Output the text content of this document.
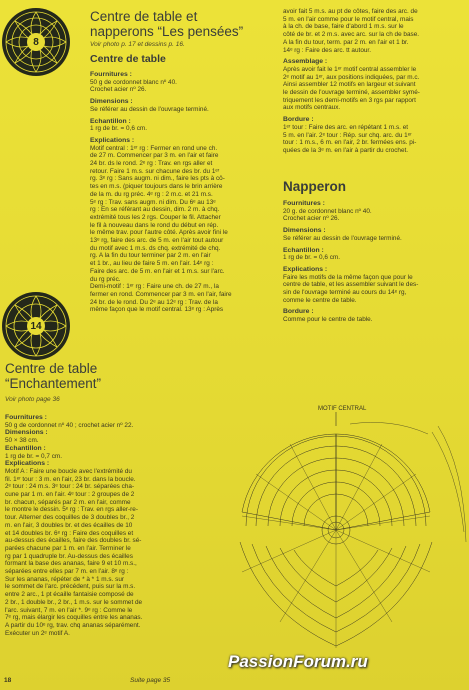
8
Centre de table et
napperons “Les pensées”
Voir photo p. 17 et dessins p. 16.
Centre de table

Fournitures :

50 g de cordonnet blanc nº 40.

Crochet acier nº 26.

Dimensions :

Se référer au dessin de l'ouvrage terminé.

Echantillon :

1 rg de br. = 0,6 cm.

Explications :

Motif central : 1ᵉʳ rg : Fermer en rond une ch.

de 27 m. Commencer par 3 m. en l'air et faire

24 br. ds le rond. 2ᵉ rg : Trav. en rgs aller et

retour. Faire 1 m.s. sur chacune des br. du 1ᵉʳ

rg. 3ᵉ rg : Sans augm. ni dim., faire les pts à cô-

tes en m.s. (piquer toujours dans le brin arrière

de la m. du rg préc. 4ᵉ rg : 2 m.c. et 21 m.s.

5ᵉ rg : Trav. sans augm. ni dim. Du 6ᵉ au 13ᵉ

rg : En se référant au dessin, dim. 2 m. à chq.

extrémité tous les 2 rgs. Couper le fil. Attacher

le fil à nouveau dans le rond du début en rép.

le même trav. pour l'autre côté. Après avoir fini le

13ᵉ rg, faire des arc. de 5 m. en l'air tout autour

du motif avec 1 m.s. ds chq. extrémité de chq.

rg. A la fin du tour terminer par 2 m. en l'air

et 1 br., au lieu de faire 5 m. en l'air. 14ᵉ rg :

Faire des arc. de 5 m. en l'air et 1 m.s. sur l'arc.

du rg préc.

Demi-motif : 1ᵉʳ rg : Faire une ch. de 27 m., la

fermer en rond. Commencer par 3 m. en l'air, faire

24 br. de le rond. Du 2ᵉ au 12ᵉ rg : Trav. de la

même façon que le motif central. 13ᵉ rg : Après

14

avoir fait 5 m.s. au pt de côtes, faire des arc. de

5 m. en l'air comme pour le motif central, mais

à la ch. de base, faire d'abord 1 m.s. sur le

côté de br. et 2 m.s. avec arc. sur la ch de base.

A la fin du tour, term. par 2 m. en l'air et 1 br.

14ᵉ rg : Faire des arc. tt autour.

Assemblage :

Après avoir fait le 1ᵉʳ motif central assembler le

2ᵉ motif au 1ᵉʳ, aux positions indiquées, par m.c.

Ainsi assembler 12 motifs en largeur et suivant

le dessin de l'ouvrage terminé, assembler symé-

triquement les demi-motifs en 3 rgs par rapport

aux motifs centraux.

Bordure :

1ᵉʳ tour : Faire des arc. en répétant 1 m.s. et

5 m. en l'air. 2ᵉ tour : Rép. sur chq. arc. du 1ᵉʳ

tour : 1 m.s., 6 m. en l'air, 2 br. fermées ens. pi-

quées de la 3ᵉ m. en l'air à partir du crochet.

Napperon

Fournitures :

20 g. de cordonnet blanc nº 40.

Crochet acier nº 26.

Dimensions :

Se référer au dessin de l'ouvrage terminé.

Echantillon :

1 rg de br. = 0,6 cm.

Explications :

Faire les motifs de la même façon que pour le

centre de table, et les assembler suivant le des-

sin de l'ouvrage terminé au cours du 14ᵉ rg,

comme le centre de table.

Bordure :

Comme pour le centre de table.

Centre de table
“Enchantement”
Voir photo page 36

Fournitures :

50 g de cordonnet nº 40 ; crochet acier nº 22.

Dimensions :

50 × 38 cm.

Echantillon :

1 rg de br. = 0,7 cm.

Explications :

Motif A : Faire une boucle avec l'extrémité du

fil. 1ᵉʳ tour : 3 m. en l'air, 23 br. dans la boucle.

2ᵉ tour : 24 m.s. 3ᵉ tour : 24 br. séparées cha-

cune par 1 m. en l'air. 4ᵉ tour : 2 groupes de 2

br. chacun, séparés par 2 m. en l'air, comme

le montre le dessin. 5ᵉ rg : Trav. en rgs aller-re-

tour. Alterner des coquilles de 3 doubles br., 2

m. en l'air, 3 doubles br. et des écailles de 10

et 14 doubles br. 6ᵉ rg : Faire des coquilles et

au-dessus des écailles, faire des doubles br. sé-

parées chacune par 1 m. en l'air. Terminer le

rg par 1 quadruple br. Au-dessus des écailles

formant la base des ananas, faire 9 et 10 m.s.,

séparées entre elles par 7 m. en l'air. 8ᵉ rg :

Sur les ananas, répéter de * à * 1 m.s. sur

le sommet de l'arc. précédent, puis sur la m.s.

entre 2 arc., 1 pt écaille fantaisie composé de

2 br., 1 double br., 2 br., 1 m.s. sur le sommet de

l'arc. suivant, 7 m. en l'air *. 9ᵉ rg : Comme le

7ᵉ rg, mais élargir les coquilles entre les ananas.

A partir du 10ᵉ rg, trav. chq ananas séparément.

Exécuter un 2ᵉ motif A.

MOTIF CENTRAL
18	Suite page 35
PassionForum.ru
